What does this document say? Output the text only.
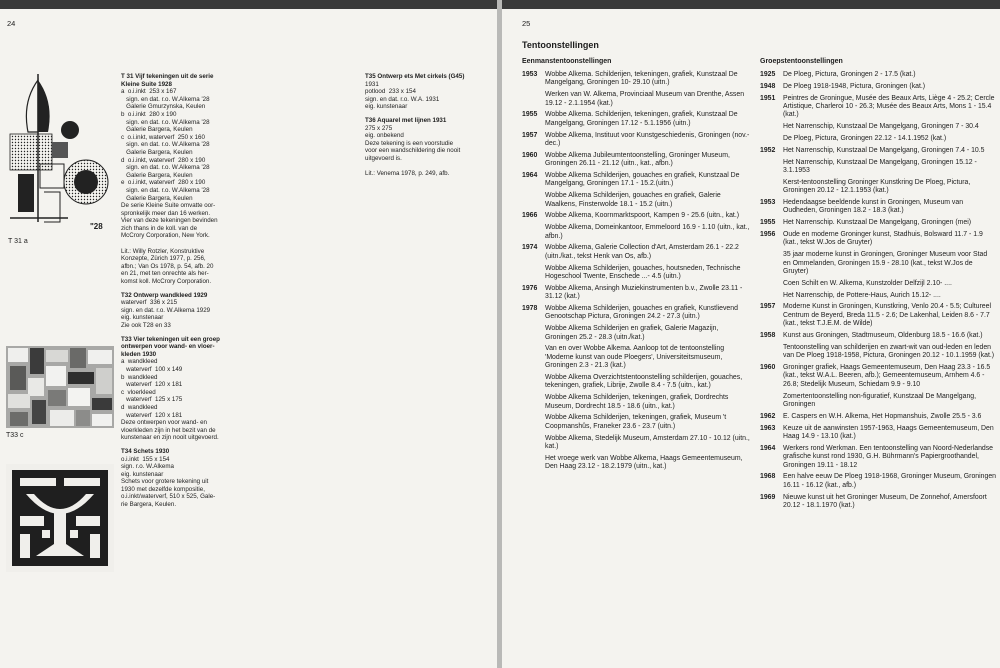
24
"28
T 31 a
T33 c
T 31 Vijf tekeningen uit de serie Kleine Suite 1928
a  o.i.inkt  253 x 167
sign. en dat. r.o. W.Alkema '28
Galerie Gmurzynska, Keulen
b  o.i.inkt  280 x 190
sign. en dat. r.o. W.Alkema '28
Galerie Bargera, Keulen
c  o.i.inkt, waterverf  250 x 160
sign. en dat. r.o. W.Alkema '28
Galerie Bargera, Keulen
d  o.i.inkt, waterverf  280 x 190
sign. en dat. r.o. W.Alkema '28
Galerie Bargera, Keulen
e  o.i.inkt, waterverf  280 x 190
sign. en dat. r.o. W.Alkema '28
Galerie Bargera, Keulen
De serie Kleine Suite omvatte oor-
spronkelijk meer dan 16 werken.
Vier van deze tekeningen bevinden
zich thans in de koll. van de
McCrory Corporation, New York.

Lit.: Willy Rotzler, Konstruktive
Konzepte, Zürich 1977, p. 256,
afbn.; Van Os 1978, p. 54, afb. 20
en 21, met ten onrechte als her-
komst koll. McCrory Corporation.
T32 Ontwerp wandkleed 1929
waterverf  336 x 215
sign. en dat. r.o. W.Alkema 1929
eig. kunstenaar
Zie ook T28 en 33
T33 Vier tekeningen uit een groep ontwerpen voor wand- en vloer-kleden 1930
a  wandkleed
waterverf  100 x 149
b  wandkleed
waterverf  120 x 181
c  vloerkleed
waterverf  125 x 175
d  wandkleed
waterverf  120 x 181
Deze ontwerpen voor wand- en
vloerkleden zijn in het bezit van de
kunstenaar en zijn nooit uitgevoerd.
T34 Schets 1930
o.i.inkt  155 x 154
sign. r.o. W.Alkema
eig. kunstenaar
Schets voor grotere tekening uit
1930 met dezelfde kompositie,
o.i.inkt/waterverf, 510 x 525, Gale-
rie Bargera, Keulen.
T35 Ontwerp ets Met cirkels (G45)
1931
potlood  233 x 154
sign. en dat. r.o. W.A. 1931
eig. kunstenaar
T36 Aquarel met lijnen 1931
275 x 275
eig. onbekend
Deze tekening is een voorstudie
voor een wandschildering die nooit
uitgevoerd is.

Lit.: Venema 1978, p. 249, afb.
25
Tentoonstellingen
Eenmanstentoonstellingen	Groepstentoonstellingen
1953 Wobbe Alkema. Schilderijen, tekeningen, grafiek, Kunstzaal De Mangelgang, Groningen 10- 29.10 (uitn.)
Werken van W. Alkema, Provinciaal Museum van Drenthe, Assen 19.12 - 2.1.1954 (kat.)
1955 Wobbe Alkema. Schilderijen, tekeningen, grafiek, Kunstzaal De Mangelgang, Groningen 17.12 - 5.1.1956 (uitn.)
1957 Wobbe Alkema, Instituut voor Kunstgeschiedenis, Groningen (nov.- dec.)
1960 Wobbe Alkema Jubileumtentoonstelling, Groninger Museum, Groningen 26.11 - 21.12 (uitn., kat., afbn.)
1964 Wobbe Alkema Schilderijen, gouaches en grafiek, Kunstzaal De Mangelgang, Groningen 17.1 - 15.2.(uitn.)
Wobbe Alkema Schilderijen, gouaches en grafiek, Galerie Waalkens, Finsterwolde 18.1 - 15.2 (uitn.)
1966 Wobbe Alkema, Koornmarktspoort, Kampen 9 - 25.6 (uitn., kat.)
Wobbe Alkema, Domeinkantoor, Emmeloord 16.9 - 1.10 (uitn., kat., afbn.)
1974 Wobbe Alkema, Galerie Collection d'Art, Amsterdam 26.1 - 22.2 (uitn./kat., tekst Henk van Os, afb.)
Wobbe Alkema Schilderijen, gouaches, houtsneden, Technische Hogeschool Twente, Enschede ...- 4.5 (uitn.)
1976 Wobbe Alkema, Ansingh Muziekinstrumenten b.v., Zwolle 23.11 - 31.12 (kat.)
1978 Wobbe Alkema Schilderijen, gouaches en grafiek, Kunstlievend Genootschap Pictura, Groningen 24.2 - 27.3 (uitn.)
Wobbe Alkema Schilderijen en grafiek, Galerie Magazijn, Groningen 25.2 - 28.3 (uitn./kat.)
Van en over Wobbe Alkema. Aanloop tot de tentoonstelling 'Moderne kunst van oude Ploegers', Universiteitsmuseum, Groningen 2.3 - 21.3 (kat.)
Wobbe Alkema Overzichtstentoonstelling schilderijen, gouaches, tekeningen, grafiek, Librije, Zwolle 8.4 - 7.5 (uitn., kat.)
Wobbe Alkema Schilderijen, tekeningen, grafiek, Dordrechts Museum, Dordrecht 18.5 - 18.6 (uitn., kat.)
Wobbe Alkema Schilderijen, tekeningen, grafiek, Museum 't Coopmanshûs, Franeker 23.6 - 23.7 (uitn.)
Wobbe Alkema, Stedelijk Museum, Amsterdam 27.10 - 10.12 (uitn., kat.)
Het vroege werk van Wobbe Alkema, Haags Gemeentemuseum, Den Haag 23.12 - 18.2.1979 (uitn., kat.)
1925 De Ploeg, Pictura, Groningen 2 - 17.5 (kat.)
1948 De Ploeg 1918-1948, Pictura, Groningen (kat.)
1951 Peintres de Groningue, Musée des Beaux Arts, Liège 4 - 25.2; Cercle Artistique, Charleroi 10 - 26.3; Musée des Beaux Arts, Mons 1 - 15.4 (kat.)
Het Narrenschip, Kunstzaal De Mangelgang, Groningen 7 - 30.4
De Ploeg, Pictura, Groningen 22.12 - 14.1.1952 (kat.)
1952 Het Narrenschip, Kunstzaal De Mangelgang, Groningen 7.4 - 10.5
Het Narrenschip, Kunstzaal De Mangelgang, Groningen 15.12 - 3.1.1953
Kerst-tentoonstelling Groninger Kunstkring De Ploeg, Pictura, Groningen 20.12 - 12.1.1953 (kat.)
1953 Hedendaagse beeldende kunst in Groningen, Museum van Oudheden, Groningen 18.2 - 18.3 (kat.)
1955 Het Narrenschip. Kunstzaal De Mangelgang, Groningen (mei)
1956 Oude en moderne Groninger kunst, Stadhuis, Bolsward 11.7 - 1.9 (kat., tekst W.Jos de Gruyter)
35 jaar moderne kunst in Groningen, Groninger Museum voor Stad en Ommelanden, Groningen 15.9 - 28.10 (kat., tekst W.Jos de Gruyter)
Coen Schilt en W. Alkema, Kunstzolder Delfzijl 2.10- ....
Het Narrenschip, de Pottere-Haus, Aurich 15.12- ....
1957 Moderne Kunst in Groningen, Kunstkring, Venlo 20.4 - 5.5; Cultureel Centrum de Beyerd, Breda 11.5 - 2.6; De Lakenhal, Leiden 8.6 - 7.7 (kat., tekst T.J.E.M. de Wilde)
1958 Kunst aus Groningen, Stadtmuseum, Oldenburg 18.5 - 16.6 (kat.)
Tentoonstelling van schilderijen en zwart-wit van oud-leden en leden van De Ploeg 1918-1958, Pictura, Groningen 20.12 - 10.1.1959 (kat.)
1960 Groninger grafiek, Haags Gemeentemuseum, Den Haag 23.3 - 16.5 (kat., tekst W.A.L. Beeren, afb.); Gemeentemuseum, Arnhem 4.6 - 26.8; Stedelijk Museum, Schiedam 9.9 - 9.10
Zomertentoonstelling non-figuratief, Kunstzaal De Mangelgang, Groningen
1962 E. Caspers en W.H. Alkema, Het Hopmanshuis, Zwolle 25.5 - 3.6
1963 Keuze uit de aanwinsten 1957-1963, Haags Gemeentemuseum, Den Haag 14.9 - 13.10 (kat.)
1964 Werkers rond Werkman. Een tentoonstelling van Noord-Nederlandse grafische kunst rond 1930, G.H. Bührmann's Papiergroothandel, Groningen 19.11 - 18.12
1968 Een halve eeuw De Ploeg 1918-1968, Groninger Museum, Groningen 16.11 - 16.12 (kat., afb.)
1969 Nieuwe kunst uit het Groninger Museum, De Zonnehof, Amersfoort 20.12 - 18.1.1970 (kat.)
